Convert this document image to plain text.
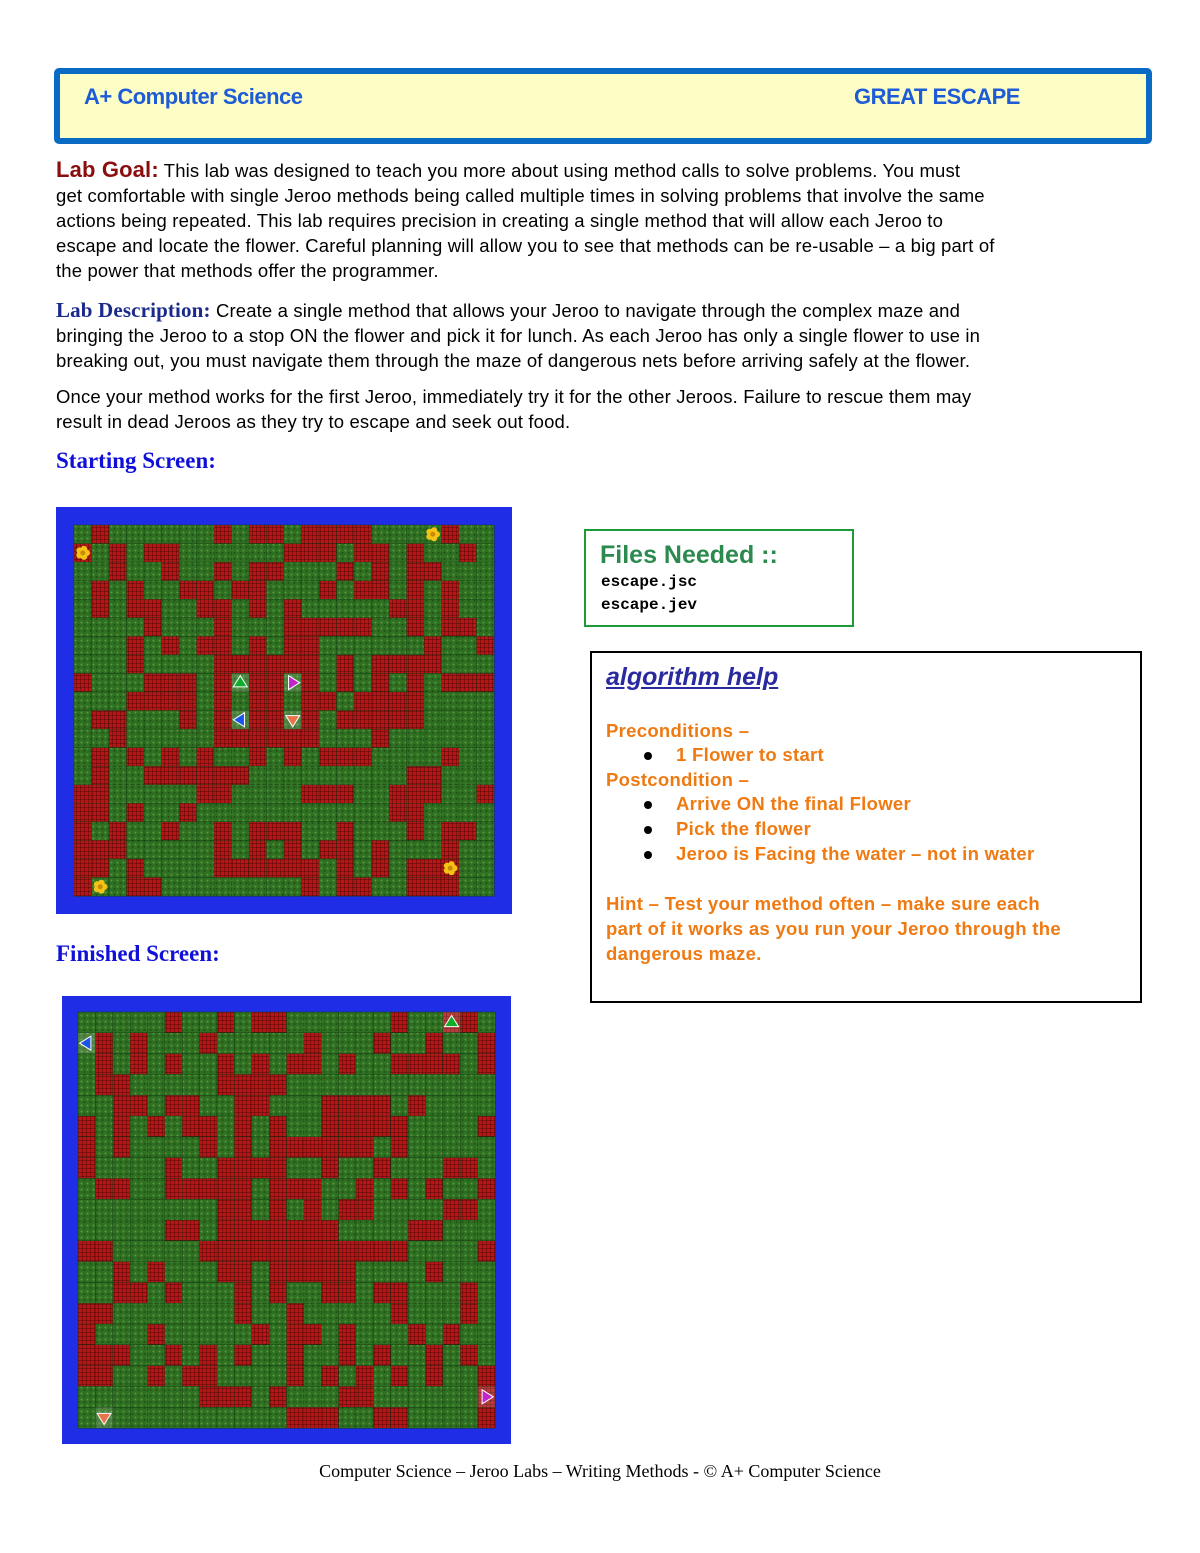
A+ Computer Science	GREAT ESCAPE
Lab Goal: This lab was designed to teach you more about using method calls to solve problems. You must
get comfortable with single Jeroo methods being called multiple times in solving problems that involve the same
actions being repeated. This lab requires precision in creating a single method that will allow each Jeroo to
escape and locate the flower. Careful planning will allow you to see that methods can be re-usable – a big part of
the power that methods offer the programmer.
Lab Description: Create a single method that allows your Jeroo to navigate through the complex maze and
bringing the Jeroo to a stop ON the flower and pick it for lunch. As each Jeroo has only a single flower to use in
breaking out, you must navigate them through the maze of dangerous nets before arriving safely at the flower.
Once your method works for the first Jeroo, immediately try it for the other Jeroos. Failure to rescue them may
result in dead Jeroos as they try to escape and seek out food.
Starting Screen:
Finished Screen:
Files Needed ::
escape.jsc
escape.jev
algorithm help
Preconditions –
1 Flower to start
Postcondition –
Arrive ON the final Flower
Pick the flower
Jeroo is Facing the water – not in water
Hint – Test your method often – make sure each
part of it works as you run your Jeroo through the
dangerous maze.
Computer Science – Jeroo Labs – Writing Methods - © A+ Computer Science
